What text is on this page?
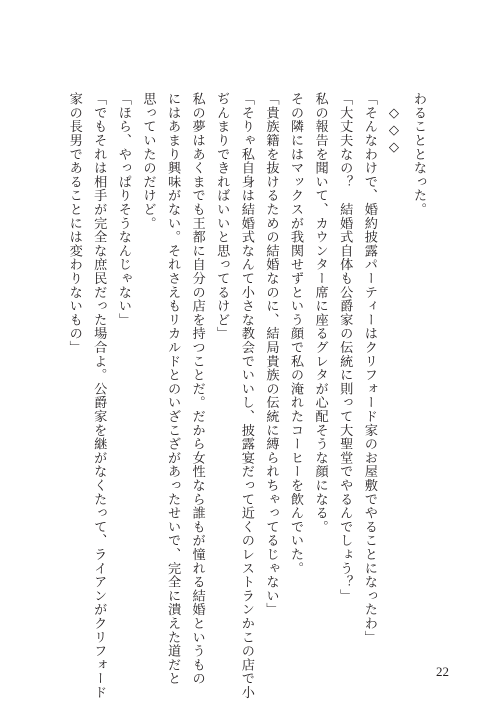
わることとなった。
◇◇◇
「そんなわけで、婚約披露パーティーはクリフォード家のお屋敷でやることになったわ」
「大丈夫なの？　結婚式自体も公爵家の伝統に則って大聖堂でやるんでしょう？」
私の報告を聞いて、カウンター席に座るグレタが心配そうな顔になる。
その隣にはマックスが我関せずという顔で私の淹れたコーヒーを飲んでいた。
「貴族籍を抜けるための結婚なのに、結局貴族の伝統に縛られちゃってるじゃない」
「そりゃ私自身は結婚式なんて小さな教会でいいし、披露宴だって近くのレストランかこの店で小
ぢんまりできればいいと思ってるけど」
私の夢はあくまでも王都に自分の店を持つことだ。だから女性なら誰もが憧れる結婚というもの
にはあまり興味がない。それさえもリカルドとのいざこざがあったせいで、完全に潰えた道だと
思っていたのだけど。
「ほら、やっぱりそうなんじゃない」
「でもそれは相手が完全な庶民だった場合よ。公爵家を継がなくたって、ライアンがクリフォード
家の長男であることには変わりないもの」
22
